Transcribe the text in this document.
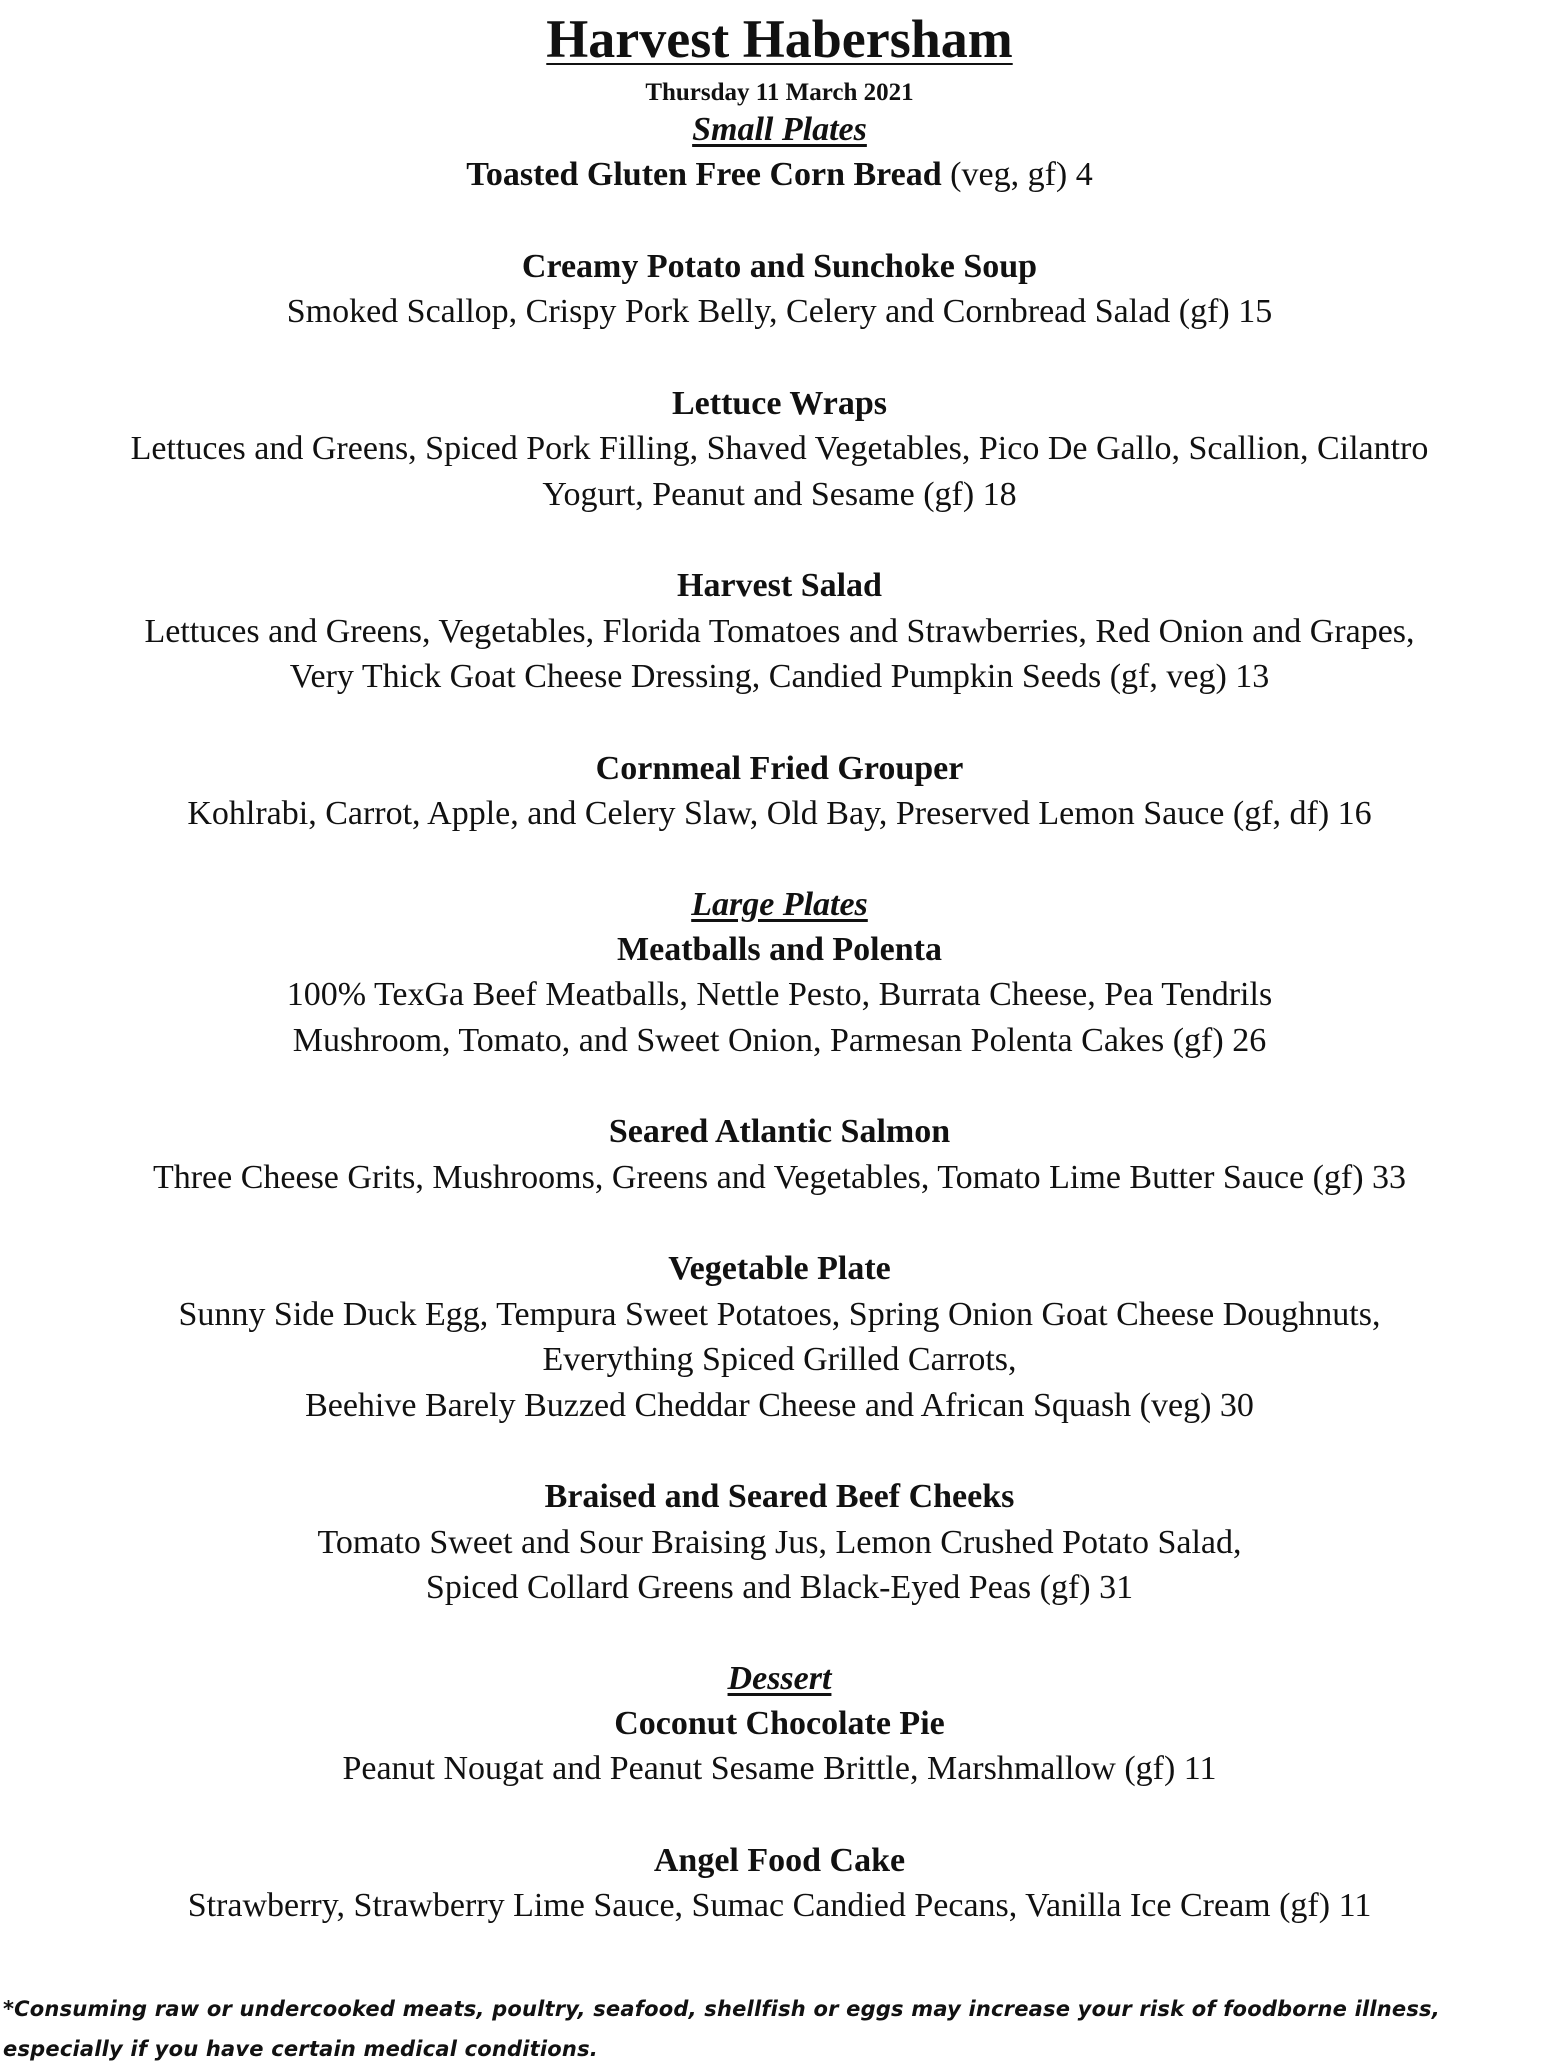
Harvest Habersham

Thursday 11 March 2021

Small Plates

Toasted Gluten Free Corn Bread (veg, gf) 4

Creamy Potato and Sunchoke Soup

Smoked Scallop, Crispy Pork Belly, Celery and Cornbread Salad (gf) 15

Lettuce Wraps

Lettuces and Greens, Spiced Pork Filling, Shaved Vegetables, Pico De Gallo, Scallion, Cilantro

Yogurt, Peanut and Sesame (gf) 18

Harvest Salad

Lettuces and Greens, Vegetables, Florida Tomatoes and Strawberries, Red Onion and Grapes,

Very Thick Goat Cheese Dressing, Candied Pumpkin Seeds (gf, veg) 13

Cornmeal Fried Grouper

Kohlrabi, Carrot, Apple, and Celery Slaw, Old Bay, Preserved Lemon Sauce (gf, df) 16

Large Plates

Meatballs and Polenta

100% TexGa Beef Meatballs, Nettle Pesto, Burrata Cheese, Pea Tendrils

Mushroom, Tomato, and Sweet Onion, Parmesan Polenta Cakes (gf) 26

Seared Atlantic Salmon

Three Cheese Grits, Mushrooms, Greens and Vegetables, Tomato Lime Butter Sauce (gf) 33

Vegetable Plate

Sunny Side Duck Egg, Tempura Sweet Potatoes, Spring Onion Goat Cheese Doughnuts,

Everything Spiced Grilled Carrots,

Beehive Barely Buzzed Cheddar Cheese and African Squash (veg) 30

Braised and Seared Beef Cheeks

Tomato Sweet and Sour Braising Jus, Lemon Crushed Potato Salad,

Spiced Collard Greens and Black-Eyed Peas (gf) 31

Dessert

Coconut Chocolate Pie

Peanut Nougat and Peanut Sesame Brittle, Marshmallow (gf) 11

Angel Food Cake

Strawberry, Strawberry Lime Sauce, Sumac Candied Pecans, Vanilla Ice Cream (gf) 11

*Consuming raw or undercooked meats, poultry, seafood, shellfish or eggs may increase your risk of foodborne illness, especially if you have certain medical conditions.
